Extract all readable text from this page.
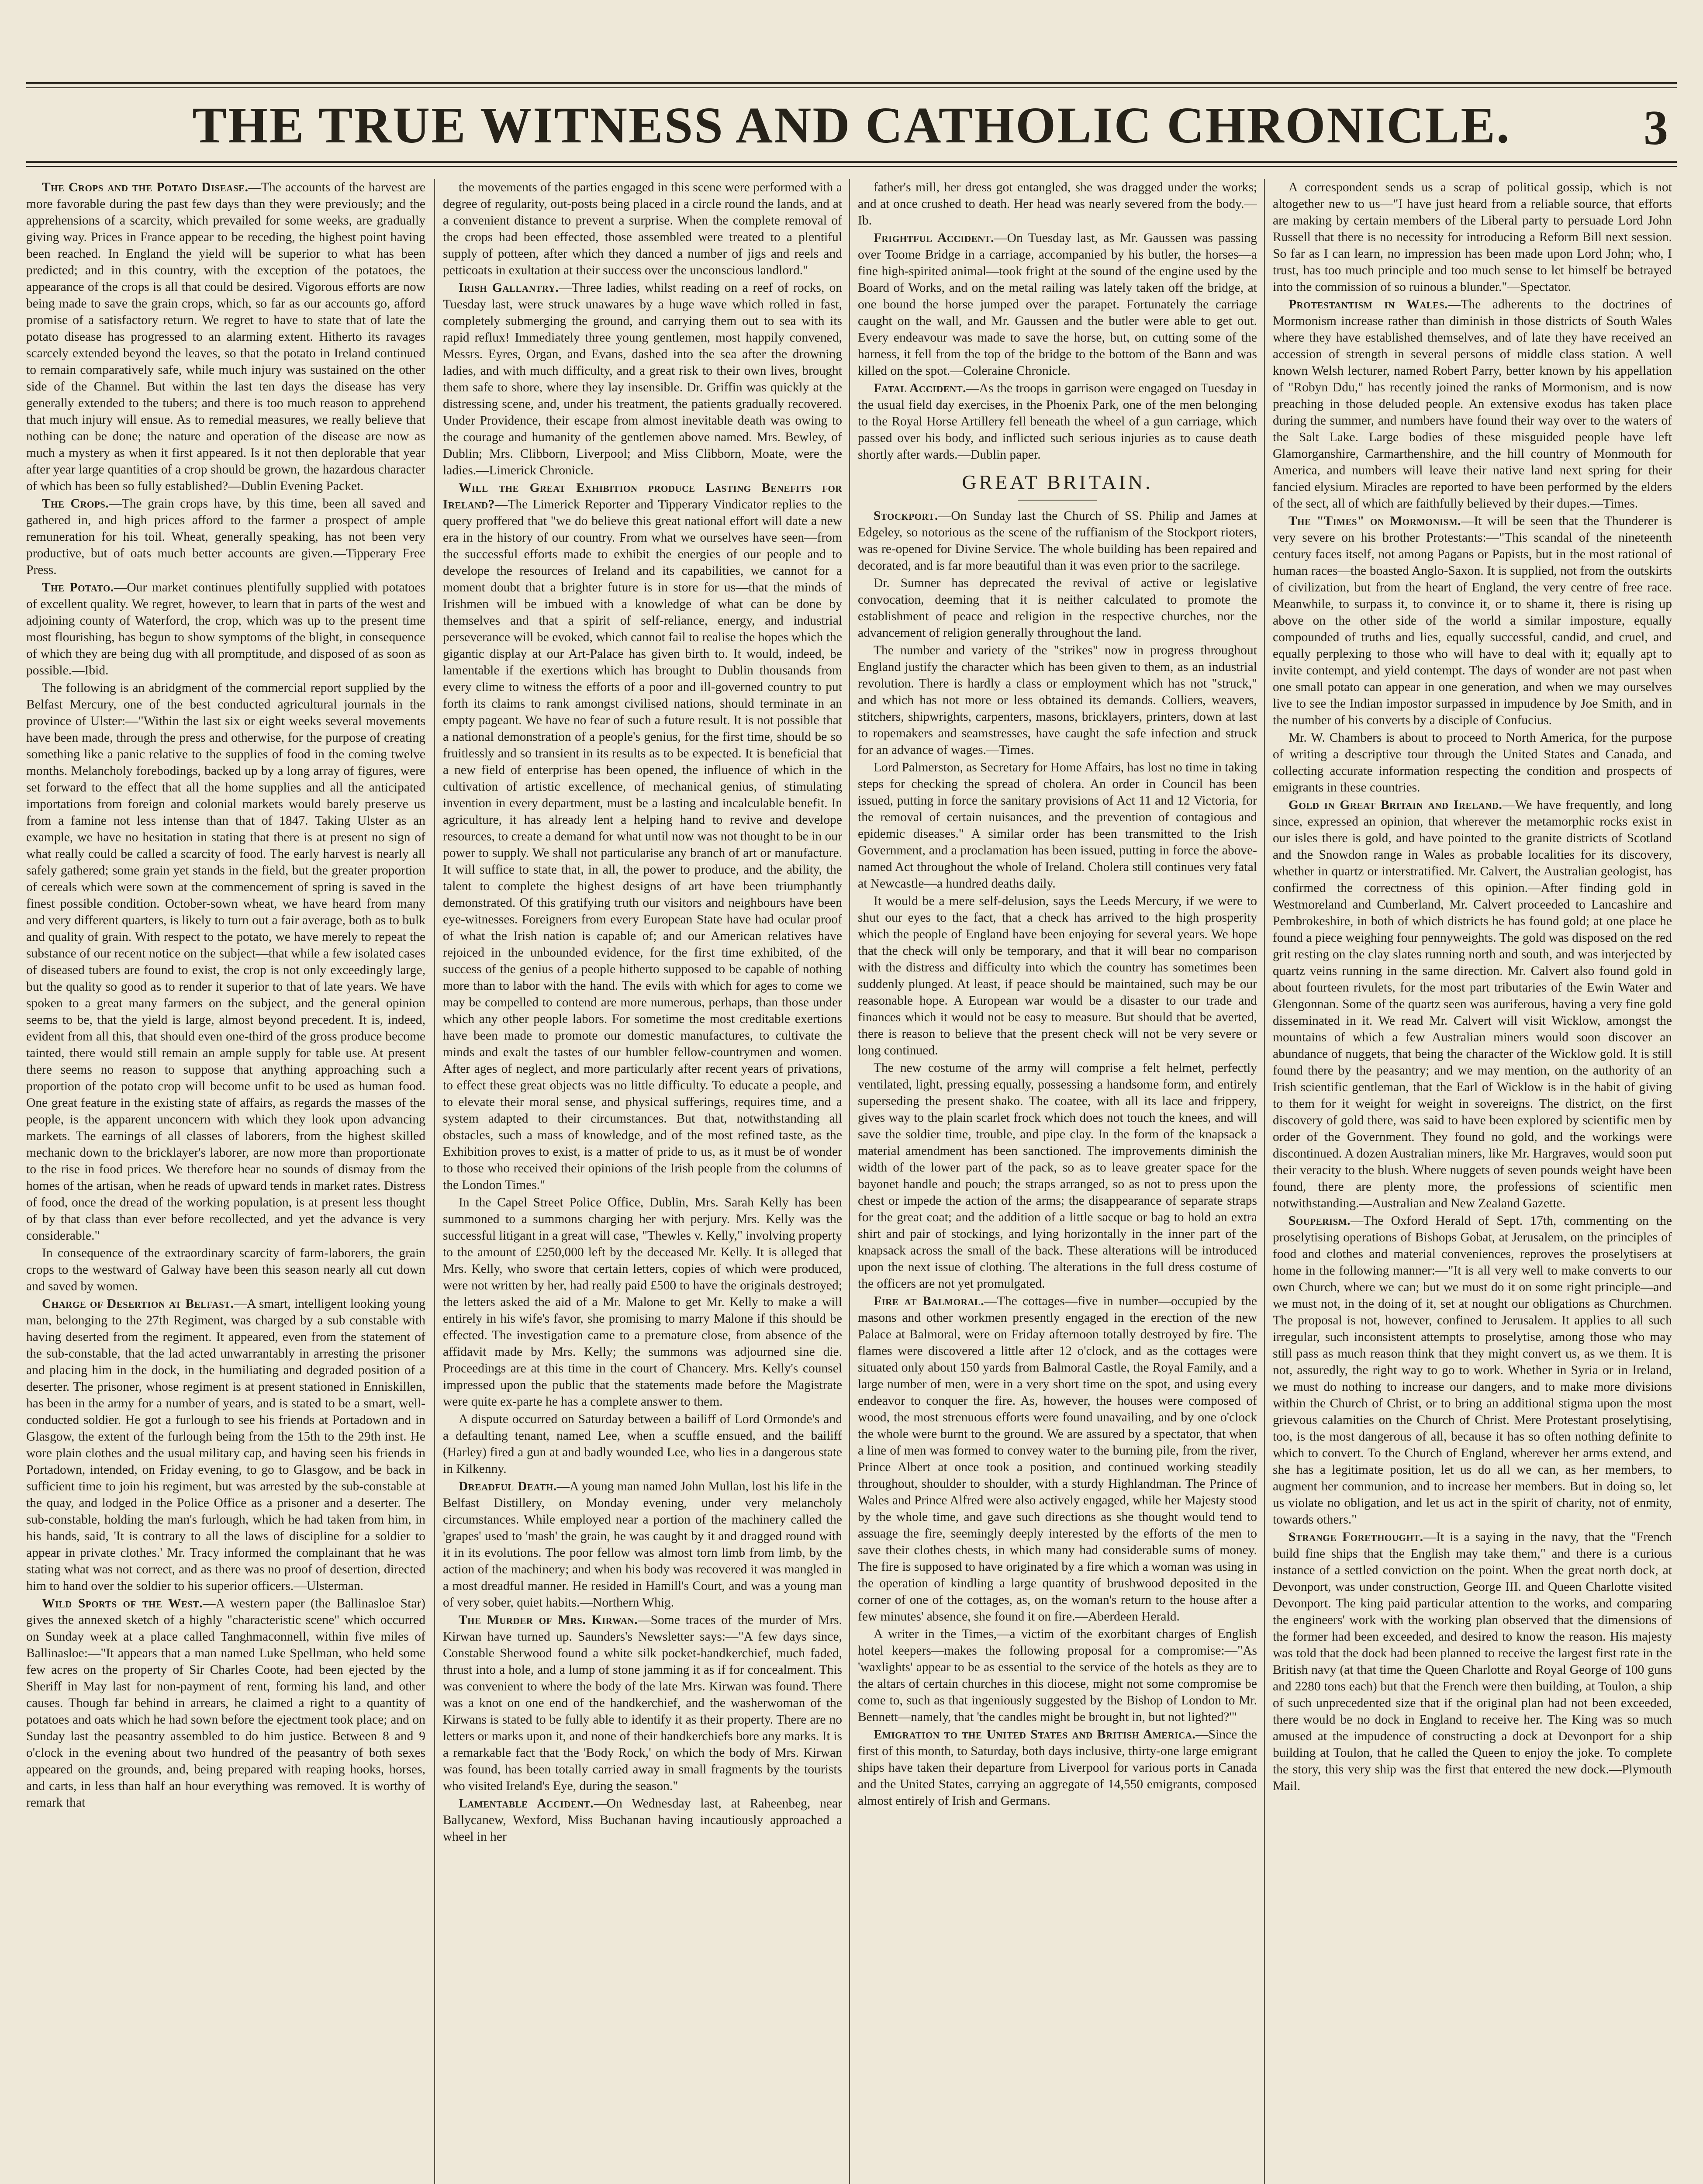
THE TRUE WITNESS AND CATHOLIC CHRONICLE.	3

The Crops and the Potato Disease.—The accounts of the harvest are more favorable during the past few days than they were previously; and the apprehensions of a scarcity, which prevailed for some weeks, are gradually giving way. Prices in France appear to be receding, the highest point having been reached. In England the yield will be superior to what has been predicted; and in this country, with the exception of the potatoes, the appearance of the crops is all that could be desired. Vigorous efforts are now being made to save the grain crops, which, so far as our accounts go, afford promise of a satisfactory return. We regret to have to state that of late the potato disease has progressed to an alarming extent. Hitherto its ravages scarcely extended beyond the leaves, so that the potato in Ireland continued to remain comparatively safe, while much injury was sustained on the other side of the Channel. But within the last ten days the disease has very generally extended to the tubers; and there is too much reason to apprehend that much injury will ensue. As to remedial measures, we really believe that nothing can be done; the nature and operation of the disease are now as much a mystery as when it first appeared. Is it not then deplorable that year after year large quantities of a crop should be grown, the hazardous character of which has been so fully established?—Dublin Evening Packet.

The Crops.—The grain crops have, by this time, been all saved and gathered in, and high prices afford to the farmer a prospect of ample remuneration for his toil. Wheat, generally speaking, has not been very productive, but of oats much better accounts are given.—Tipperary Free Press.

The Potato.—Our market continues plentifully supplied with potatoes of excellent quality. We regret, however, to learn that in parts of the west and adjoining county of Waterford, the crop, which was up to the present time most flourishing, has begun to show symptoms of the blight, in consequence of which they are being dug with all promptitude, and disposed of as soon as possible.—Ibid.

The following is an abridgment of the commercial report supplied by the Belfast Mercury, one of the best conducted agricultural journals in the province of Ulster:—"Within the last six or eight weeks several movements have been made, through the press and otherwise, for the purpose of creating something like a panic relative to the supplies of food in the coming twelve months. Melancholy forebodings, backed up by a long array of figures, were set forward to the effect that all the home supplies and all the anticipated importations from foreign and colonial markets would barely preserve us from a famine not less intense than that of 1847. Taking Ulster as an example, we have no hesitation in stating that there is at present no sign of what really could be called a scarcity of food. The early harvest is nearly all safely gathered; some grain yet stands in the field, but the greater proportion of cereals which were sown at the commencement of spring is saved in the finest possible condition. October-sown wheat, we have heard from many and very different quarters, is likely to turn out a fair average, both as to bulk and quality of grain. With respect to the potato, we have merely to repeat the substance of our recent notice on the subject—that while a few isolated cases of diseased tubers are found to exist, the crop is not only exceedingly large, but the quality so good as to render it superior to that of late years. We have spoken to a great many farmers on the subject, and the general opinion seems to be, that the yield is large, almost beyond precedent. It is, indeed, evident from all this, that should even one-third of the gross produce become tainted, there would still remain an ample supply for table use. At present there seems no reason to suppose that anything approaching such a proportion of the potato crop will become unfit to be used as human food. One great feature in the existing state of affairs, as regards the masses of the people, is the apparent unconcern with which they look upon advancing markets. The earnings of all classes of laborers, from the highest skilled mechanic down to the bricklayer's laborer, are now more than proportionate to the rise in food prices. We therefore hear no sounds of dismay from the homes of the artisan, when he reads of upward tends in market rates. Distress of food, once the dread of the working population, is at present less thought of by that class than ever before recollected, and yet the advance is very considerable."

In consequence of the extraordinary scarcity of farm-laborers, the grain crops to the westward of Galway have been this season nearly all cut down and saved by women.

Charge of Desertion at Belfast.—A smart, intelligent looking young man, belonging to the 27th Regiment, was charged by a sub constable with having deserted from the regiment. It appeared, even from the statement of the sub-constable, that the lad acted unwarrantably in arresting the prisoner and placing him in the dock, in the humiliating and degraded position of a deserter. The prisoner, whose regiment is at present stationed in Enniskillen, has been in the army for a number of years, and is stated to be a smart, well-conducted soldier. He got a furlough to see his friends at Portadown and in Glasgow, the extent of the furlough being from the 15th to the 29th inst. He wore plain clothes and the usual military cap, and having seen his friends in Portadown, intended, on Friday evening, to go to Glasgow, and be back in sufficient time to join his regiment, but was arrested by the sub-constable at the quay, and lodged in the Police Office as a prisoner and a deserter. The sub-constable, holding the man's furlough, which he had taken from him, in his hands, said, 'It is contrary to all the laws of discipline for a soldier to appear in private clothes.' Mr. Tracy informed the complainant that he was stating what was not correct, and as there was no proof of desertion, directed him to hand over the soldier to his superior officers.—Ulsterman.

Wild Sports of the West.—A western paper (the Ballinasloe Star) gives the annexed sketch of a highly "characteristic scene" which occurred on Sunday week at a place called Tanghmaconnell, within five miles of Ballinasloe:—"It appears that a man named Luke Spellman, who held some few acres on the property of Sir Charles Coote, had been ejected by the Sheriff in May last for non-payment of rent, forming his land, and other causes. Though far behind in arrears, he claimed a right to a quantity of potatoes and oats which he had sown before the ejectment took place; and on Sunday last the peasantry assembled to do him justice. Between 8 and 9 o'clock in the evening about two hundred of the peasantry of both sexes appeared on the grounds, and, being prepared with reaping hooks, horses, and carts, in less than half an hour everything was removed. It is worthy of remark that

the movements of the parties engaged in this scene were performed with a degree of regularity, out-posts being placed in a circle round the lands, and at a convenient distance to prevent a surprise. When the complete removal of the crops had been effected, those assembled were treated to a plentiful supply of potteen, after which they danced a number of jigs and reels and petticoats in exultation at their success over the unconscious landlord."

Irish Gallantry.—Three ladies, whilst reading on a reef of rocks, on Tuesday last, were struck unawares by a huge wave which rolled in fast, completely submerging the ground, and carrying them out to sea with its rapid reflux! Immediately three young gentlemen, most happily convened, Messrs. Eyres, Organ, and Evans, dashed into the sea after the drowning ladies, and with much difficulty, and a great risk to their own lives, brought them safe to shore, where they lay insensible. Dr. Griffin was quickly at the distressing scene, and, under his treatment, the patients gradually recovered. Under Providence, their escape from almost inevitable death was owing to the courage and humanity of the gentlemen above named. Mrs. Bewley, of Dublin; Mrs. Clibborn, Liverpool; and Miss Clibborn, Moate, were the ladies.—Limerick Chronicle.

Will the Great Exhibition produce Lasting Benefits for Ireland?—The Limerick Reporter and Tipperary Vindicator replies to the query proffered that "we do believe this great national effort will date a new era in the history of our country. From what we ourselves have seen—from the successful efforts made to exhibit the energies of our people and to develope the resources of Ireland and its capabilities, we cannot for a moment doubt that a brighter future is in store for us—that the minds of Irishmen will be imbued with a knowledge of what can be done by themselves and that a spirit of self-reliance, energy, and industrial perseverance will be evoked, which cannot fail to realise the hopes which the gigantic display at our Art-Palace has given birth to. It would, indeed, be lamentable if the exertions which has brought to Dublin thousands from every clime to witness the efforts of a poor and ill-governed country to put forth its claims to rank amongst civilised nations, should terminate in an empty pageant. We have no fear of such a future result. It is not possible that a national demonstration of a people's genius, for the first time, should be so fruitlessly and so transient in its results as to be expected. It is beneficial that a new field of enterprise has been opened, the influence of which in the cultivation of artistic excellence, of mechanical genius, of stimulating invention in every department, must be a lasting and incalculable benefit. In agriculture, it has already lent a helping hand to revive and develope resources, to create a demand for what until now was not thought to be in our power to supply. We shall not particularise any branch of art or manufacture. It will suffice to state that, in all, the power to produce, and the ability, the talent to complete the highest designs of art have been triumphantly demonstrated. Of this gratifying truth our visitors and neighbours have been eye-witnesses. Foreigners from every European State have had ocular proof of what the Irish nation is capable of; and our American relatives have rejoiced in the unbounded evidence, for the first time exhibited, of the success of the genius of a people hitherto supposed to be capable of nothing more than to labor with the hand. The evils with which for ages to come we may be compelled to contend are more numerous, perhaps, than those under which any other people labors. For sometime the most creditable exertions have been made to promote our domestic manufactures, to cultivate the minds and exalt the tastes of our humbler fellow-countrymen and women. After ages of neglect, and more particularly after recent years of privations, to effect these great objects was no little difficulty. To educate a people, and to elevate their moral sense, and physical sufferings, requires time, and a system adapted to their circumstances. But that, notwithstanding all obstacles, such a mass of knowledge, and of the most refined taste, as the Exhibition proves to exist, is a matter of pride to us, as it must be of wonder to those who received their opinions of the Irish people from the columns of the London Times."

In the Capel Street Police Office, Dublin, Mrs. Sarah Kelly has been summoned to a summons charging her with perjury. Mrs. Kelly was the successful litigant in a great will case, "Thewles v. Kelly," involving property to the amount of £250,000 left by the deceased Mr. Kelly. It is alleged that Mrs. Kelly, who swore that certain letters, copies of which were produced, were not written by her, had really paid £500 to have the originals destroyed; the letters asked the aid of a Mr. Malone to get Mr. Kelly to make a will entirely in his wife's favor, she promising to marry Malone if this should be effected. The investigation came to a premature close, from absence of the affidavit made by Mrs. Kelly; the summons was adjourned sine die. Proceedings are at this time in the court of Chancery. Mrs. Kelly's counsel impressed upon the public that the statements made before the Magistrate were quite ex-parte he has a complete answer to them.

A dispute occurred on Saturday between a bailiff of Lord Ormonde's and a defaulting tenant, named Lee, when a scuffle ensued, and the bailiff (Harley) fired a gun at and badly wounded Lee, who lies in a dangerous state in Kilkenny.

Dreadful Death.—A young man named John Mullan, lost his life in the Belfast Distillery, on Monday evening, under very melancholy circumstances. While employed near a portion of the machinery called the 'grapes' used to 'mash' the grain, he was caught by it and dragged round with it in its evolutions. The poor fellow was almost torn limb from limb, by the action of the machinery; and when his body was recovered it was mangled in a most dreadful manner. He resided in Hamill's Court, and was a young man of very sober, quiet habits.—Northern Whig.

The Murder of Mrs. Kirwan.—Some traces of the murder of Mrs. Kirwan have turned up. Saunders's Newsletter says:—"A few days since, Constable Sherwood found a white silk pocket-handkerchief, much faded, thrust into a hole, and a lump of stone jamming it as if for concealment. This was convenient to where the body of the late Mrs. Kirwan was found. There was a knot on one end of the handkerchief, and the washerwoman of the Kirwans is stated to be fully able to identify it as their property. There are no letters or marks upon it, and none of their handkerchiefs bore any marks. It is a remarkable fact that the 'Body Rock,' on which the body of Mrs. Kirwan was found, has been totally carried away in small fragments by the tourists who visited Ireland's Eye, during the season."

Lamentable Accident.—On Wednesday last, at Raheenbeg, near Ballycanew, Wexford, Miss Buchanan having incautiously approached a wheel in her

father's mill, her dress got entangled, she was dragged under the works; and at once crushed to death. Her head was nearly severed from the body.—Ib.

Frightful Accident.—On Tuesday last, as Mr. Gaussen was passing over Toome Bridge in a carriage, accompanied by his butler, the horses—a fine high-spirited animal—took fright at the sound of the engine used by the Board of Works, and on the metal railing was lately taken off the bridge, at one bound the horse jumped over the parapet. Fortunately the carriage caught on the wall, and Mr. Gaussen and the butler were able to get out. Every endeavour was made to save the horse, but, on cutting some of the harness, it fell from the top of the bridge to the bottom of the Bann and was killed on the spot.—Coleraine Chronicle.

Fatal Accident.—As the troops in garrison were engaged on Tuesday in the usual field day exercises, in the Phoenix Park, one of the men belonging to the Royal Horse Artillery fell beneath the wheel of a gun carriage, which passed over his body, and inflicted such serious injuries as to cause death shortly after wards.—Dublin paper.

GREAT BRITAIN.

Stockport.—On Sunday last the Church of SS. Philip and James at Edgeley, so notorious as the scene of the ruffianism of the Stockport rioters, was re-opened for Divine Service. The whole building has been repaired and decorated, and is far more beautiful than it was even prior to the sacrilege.

Dr. Sumner has deprecated the revival of active or legislative convocation, deeming that it is neither calculated to promote the establishment of peace and religion in the respective churches, nor the advancement of religion generally throughout the land.

The number and variety of the "strikes" now in progress throughout England justify the character which has been given to them, as an industrial revolution. There is hardly a class or employment which has not "struck," and which has not more or less obtained its demands. Colliers, weavers, stitchers, shipwrights, carpenters, masons, bricklayers, printers, down at last to ropemakers and seamstresses, have caught the safe infection and struck for an advance of wages.—Times.

Lord Palmerston, as Secretary for Home Affairs, has lost no time in taking steps for checking the spread of cholera. An order in Council has been issued, putting in force the sanitary provisions of Act 11 and 12 Victoria, for the removal of certain nuisances, and the prevention of contagious and epidemic diseases." A similar order has been transmitted to the Irish Government, and a proclamation has been issued, putting in force the above-named Act throughout the whole of Ireland. Cholera still continues very fatal at Newcastle—a hundred deaths daily.

It would be a mere self-delusion, says the Leeds Mercury, if we were to shut our eyes to the fact, that a check has arrived to the high prosperity which the people of England have been enjoying for several years. We hope that the check will only be temporary, and that it will bear no comparison with the distress and difficulty into which the country has sometimes been suddenly plunged. At least, if peace should be maintained, such may be our reasonable hope. A European war would be a disaster to our trade and finances which it would not be easy to measure. But should that be averted, there is reason to believe that the present check will not be very severe or long continued.

The new costume of the army will comprise a felt helmet, perfectly ventilated, light, pressing equally, possessing a handsome form, and entirely superseding the present shako. The coatee, with all its lace and frippery, gives way to the plain scarlet frock which does not touch the knees, and will save the soldier time, trouble, and pipe clay. In the form of the knapsack a material amendment has been sanctioned. The improvements diminish the width of the lower part of the pack, so as to leave greater space for the bayonet handle and pouch; the straps arranged, so as not to press upon the chest or impede the action of the arms; the disappearance of separate straps for the great coat; and the addition of a little sacque or bag to hold an extra shirt and pair of stockings, and lying horizontally in the inner part of the knapsack across the small of the back. These alterations will be introduced upon the next issue of clothing. The alterations in the full dress costume of the officers are not yet promulgated.

Fire at Balmoral.—The cottages—five in number—occupied by the masons and other workmen presently engaged in the erection of the new Palace at Balmoral, were on Friday afternoon totally destroyed by fire. The flames were discovered a little after 12 o'clock, and as the cottages were situated only about 150 yards from Balmoral Castle, the Royal Family, and a large number of men, were in a very short time on the spot, and using every endeavor to conquer the fire. As, however, the houses were composed of wood, the most strenuous efforts were found unavailing, and by one o'clock the whole were burnt to the ground. We are assured by a spectator, that when a line of men was formed to convey water to the burning pile, from the river, Prince Albert at once took a position, and continued working steadily throughout, shoulder to shoulder, with a sturdy Highlandman. The Prince of Wales and Prince Alfred were also actively engaged, while her Majesty stood by the whole time, and gave such directions as she thought would tend to assuage the fire, seemingly deeply interested by the efforts of the men to save their clothes chests, in which many had considerable sums of money. The fire is supposed to have originated by a fire which a woman was using in the operation of kindling a large quantity of brushwood deposited in the corner of one of the cottages, as, on the woman's return to the house after a few minutes' absence, she found it on fire.—Aberdeen Herald.

A writer in the Times,—a victim of the exorbitant charges of English hotel keepers—makes the following proposal for a compromise:—"As 'waxlights' appear to be as essential to the service of the hotels as they are to the altars of certain churches in this diocese, might not some compromise be come to, such as that ingeniously suggested by the Bishop of London to Mr. Bennett—namely, that 'the candles might be brought in, but not lighted?'"

Emigration to the United States and British America.—Since the first of this month, to Saturday, both days inclusive, thirty-one large emigrant ships have taken their departure from Liverpool for various ports in Canada and the United States, carrying an aggregate of 14,550 emigrants, composed almost entirely of Irish and Germans.

A correspondent sends us a scrap of political gossip, which is not altogether new to us—"I have just heard from a reliable source, that efforts are making by certain members of the Liberal party to persuade Lord John Russell that there is no necessity for introducing a Reform Bill next session. So far as I can learn, no impression has been made upon Lord John; who, I trust, has too much principle and too much sense to let himself be betrayed into the commission of so ruinous a blunder."—Spectator.

Protestantism in Wales.—The adherents to the doctrines of Mormonism increase rather than diminish in those districts of South Wales where they have established themselves, and of late they have received an accession of strength in several persons of middle class station. A well known Welsh lecturer, named Robert Parry, better known by his appellation of "Robyn Ddu," has recently joined the ranks of Mormonism, and is now preaching in those deluded people. An extensive exodus has taken place during the summer, and numbers have found their way over to the waters of the Salt Lake. Large bodies of these misguided people have left Glamorganshire, Carmarthenshire, and the hill country of Monmouth for America, and numbers will leave their native land next spring for their fancied elysium. Miracles are reported to have been performed by the elders of the sect, all of which are faithfully believed by their dupes.—Times.

The "Times" on Mormonism.—It will be seen that the Thunderer is very severe on his brother Protestants:—"This scandal of the nineteenth century faces itself, not among Pagans or Papists, but in the most rational of human races—the boasted Anglo-Saxon. It is supplied, not from the outskirts of civilization, but from the heart of England, the very centre of free race. Meanwhile, to surpass it, to convince it, or to shame it, there is rising up above on the other side of the world a similar imposture, equally compounded of truths and lies, equally successful, candid, and cruel, and equally perplexing to those who will have to deal with it; equally apt to invite contempt, and yield contempt. The days of wonder are not past when one small potato can appear in one generation, and when we may ourselves live to see the Indian impostor surpassed in impudence by Joe Smith, and in the number of his converts by a disciple of Confucius.

Mr. W. Chambers is about to proceed to North America, for the purpose of writing a descriptive tour through the United States and Canada, and collecting accurate information respecting the condition and prospects of emigrants in these countries.

Gold in Great Britain and Ireland.—We have frequently, and long since, expressed an opinion, that wherever the metamorphic rocks exist in our isles there is gold, and have pointed to the granite districts of Scotland and the Snowdon range in Wales as probable localities for its discovery, whether in quartz or interstratified. Mr. Calvert, the Australian geologist, has confirmed the correctness of this opinion.—After finding gold in Westmoreland and Cumberland, Mr. Calvert proceeded to Lancashire and Pembrokeshire, in both of which districts he has found gold; at one place he found a piece weighing four pennyweights. The gold was disposed on the red grit resting on the clay slates running north and south, and was interjected by quartz veins running in the same direction. Mr. Calvert also found gold in about fourteen rivulets, for the most part tributaries of the Ewin Water and Glengonnan. Some of the quartz seen was auriferous, having a very fine gold disseminated in it. We read Mr. Calvert will visit Wicklow, amongst the mountains of which a few Australian miners would soon discover an abundance of nuggets, that being the character of the Wicklow gold. It is still found there by the peasantry; and we may mention, on the authority of an Irish scientific gentleman, that the Earl of Wicklow is in the habit of giving to them for it weight for weight in sovereigns. The district, on the first discovery of gold there, was said to have been explored by scientific men by order of the Government. They found no gold, and the workings were discontinued. A dozen Australian miners, like Mr. Hargraves, would soon put their veracity to the blush. Where nuggets of seven pounds weight have been found, there are plenty more, the professions of scientific men notwithstanding.—Australian and New Zealand Gazette.

Souperism.—The Oxford Herald of Sept. 17th, commenting on the proselytising operations of Bishops Gobat, at Jerusalem, on the principles of food and clothes and material conveniences, reproves the proselytisers at home in the following manner:—"It is all very well to make converts to our own Church, where we can; but we must do it on some right principle—and we must not, in the doing of it, set at nought our obligations as Churchmen. The proposal is not, however, confined to Jerusalem. It applies to all such irregular, such inconsistent attempts to proselytise, among those who may still pass as much reason think that they might convert us, as we them. It is not, assuredly, the right way to go to work. Whether in Syria or in Ireland, we must do nothing to increase our dangers, and to make more divisions within the Church of Christ, or to bring an additional stigma upon the most grievous calamities on the Church of Christ. Mere Protestant proselytising, too, is the most dangerous of all, because it has so often nothing definite to which to convert. To the Church of England, wherever her arms extend, and she has a legitimate position, let us do all we can, as her members, to augment her communion, and to increase her members. But in doing so, let us violate no obligation, and let us act in the spirit of charity, not of enmity, towards others."

Strange Forethought.—It is a saying in the navy, that the "French build fine ships that the English may take them," and there is a curious instance of a settled conviction on the point. When the great north dock, at Devonport, was under construction, George III. and Queen Charlotte visited Devonport. The king paid particular attention to the works, and comparing the engineers' work with the working plan observed that the dimensions of the former had been exceeded, and desired to know the reason. His majesty was told that the dock had been planned to receive the largest first rate in the British navy (at that time the Queen Charlotte and Royal George of 100 guns and 2280 tons each) but that the French were then building, at Toulon, a ship of such unprecedented size that if the original plan had not been exceeded, there would be no dock in England to receive her. The King was so much amused at the impudence of constructing a dock at Devonport for a ship building at Toulon, that he called the Queen to enjoy the joke. To complete the story, this very ship was the first that entered the new dock.—Plymouth Mail.
